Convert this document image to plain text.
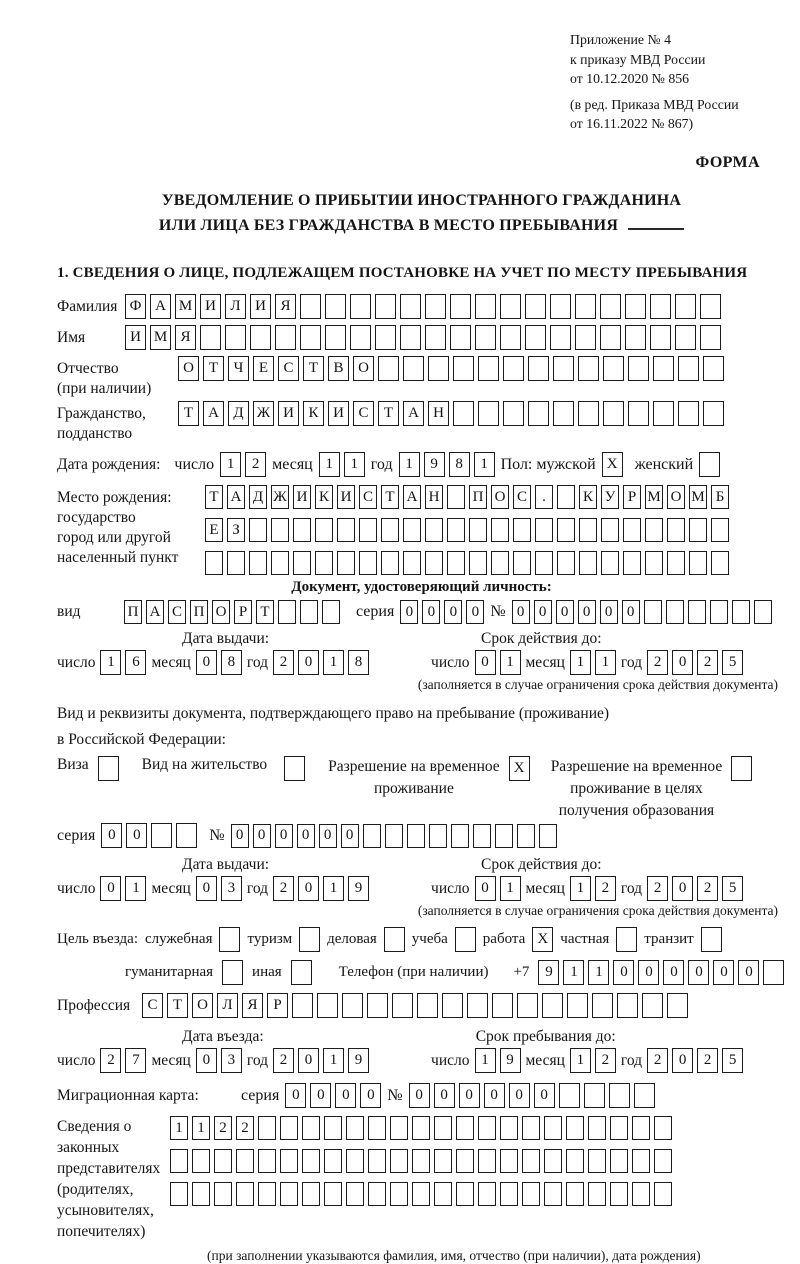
Приложение № 4
к приказу МВД России
от 10.12.2020 № 856
(в ред. Приказа МВД России
от 16.11.2022 № 867)
ФОРМА
УВЕДОМЛЕНИЕ О ПРИБЫТИИ ИНОСТРАННОГО ГРАЖДАНИНА
ИЛИ ЛИЦА БЕЗ ГРАЖДАНСТВА В МЕСТО ПРЕБЫВАНИЯ
1. СВЕДЕНИЯ О ЛИЦЕ, ПОДЛЕЖАЩЕМ ПОСТАНОВКЕ НА УЧЕТ ПО МЕСТУ ПРЕБЫВАНИЯ
Фамилия Ф А М И Л И Я
Имя	И М Я
Отчество
(при наличии)
О Т	Ч	Е	С	Т	В О
Гражданство,
подданство
Т	А Д Ж И К И С	Т	А Н
Дата рождения: число 1	2 месяц 1	1 год 1	9	8	1 Пол: мужской X	женский
Место рождения:
государство
город или другой
населенный пункт
Т А Д Ж И К И С Т А Н П О С	.	К У Р М О М Б
Е З
Документ, удостоверяющий личность:
вид	П А С П О Р Т	серия 0 0 0 0 № 0 0 0 0 0 0
Дата выдачи:	Срок действия до:
число 1	6 месяц 0	8 год 2	0	1	8	число 0	1 месяц 1	1 год 2	0	2	5
(заполняется в случае ограничения срока действия документа)
Вид и реквизиты документа, подтверждающего право на пребывание (проживание)
в Российской Федерации:
Виза	Вид на жительство	Разрешение на временное
проживание
X	Разрешение на временное
проживание в целях
получения образования
серия 0	0	№ 0 0 0 0 0 0
Дата выдачи:	Срок действия до:
число 0	1 месяц 0	3 год 2	0	1	9	число 0	1 месяц 1	2 год 2	0	2	5
(заполняется в случае ограничения срока действия документа)
Цель въезда: служебная туризм деловая учеба работа X частная транзит
гуманитарная	иная	Телефон (при наличии) +7	9	1	1	0	0	0	0	0	0
Профессия	С	Т	О Л Я	Р
Дата въезда:	Срок пребывания до:
число 2	7 месяц 0	3 год 2	0	1	9	число 1	9 месяц 1	2 год 2	0	2	5
Миграционная карта:	серия 0	0	0	0 № 0	0	0	0	0	0
Сведения о
законных
представителях
(родителях,
усыновителях,
попечителях)
1 1 2 2
(при заполнении указываются фамилия, имя, отчество (при наличии), дата рождения)
